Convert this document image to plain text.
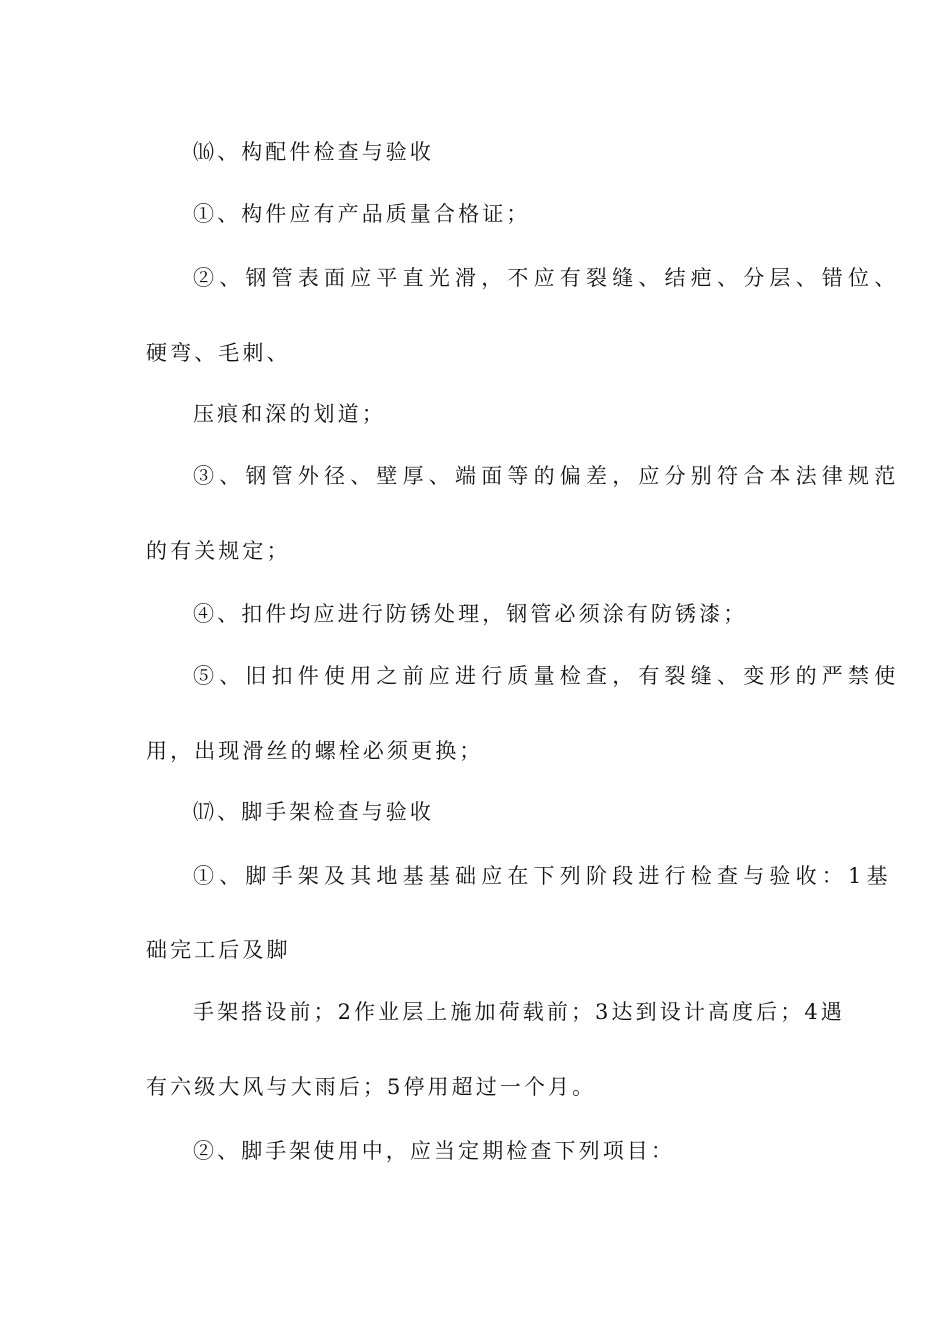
⒃、构配件检查与验收
①、构件应有产品质量合格证；
②、钢管表面应平直光滑，不应有裂缝、结疤、分层、错位、
硬弯、毛刺、
压痕和深的划道；
③、钢管外径、壁厚、端面等的偏差，应分别符合本法律规范
的有关规定；
④、扣件均应进行防锈处理，钢管必须涂有防锈漆；
⑤、旧扣件使用之前应进行质量检查，有裂缝、变形的严禁使
用，出现滑丝的螺栓必须更换；
⒄、脚手架检查与验收
①、脚手架及其地基基础应在下列阶段进行检查与验收：1基
础完工后及脚
手架搭设前；2作业层上施加荷载前；3达到设计高度后；4遇
有六级大风与大雨后；5停用超过一个月。
②、脚手架使用中，应当定期检查下列项目：
